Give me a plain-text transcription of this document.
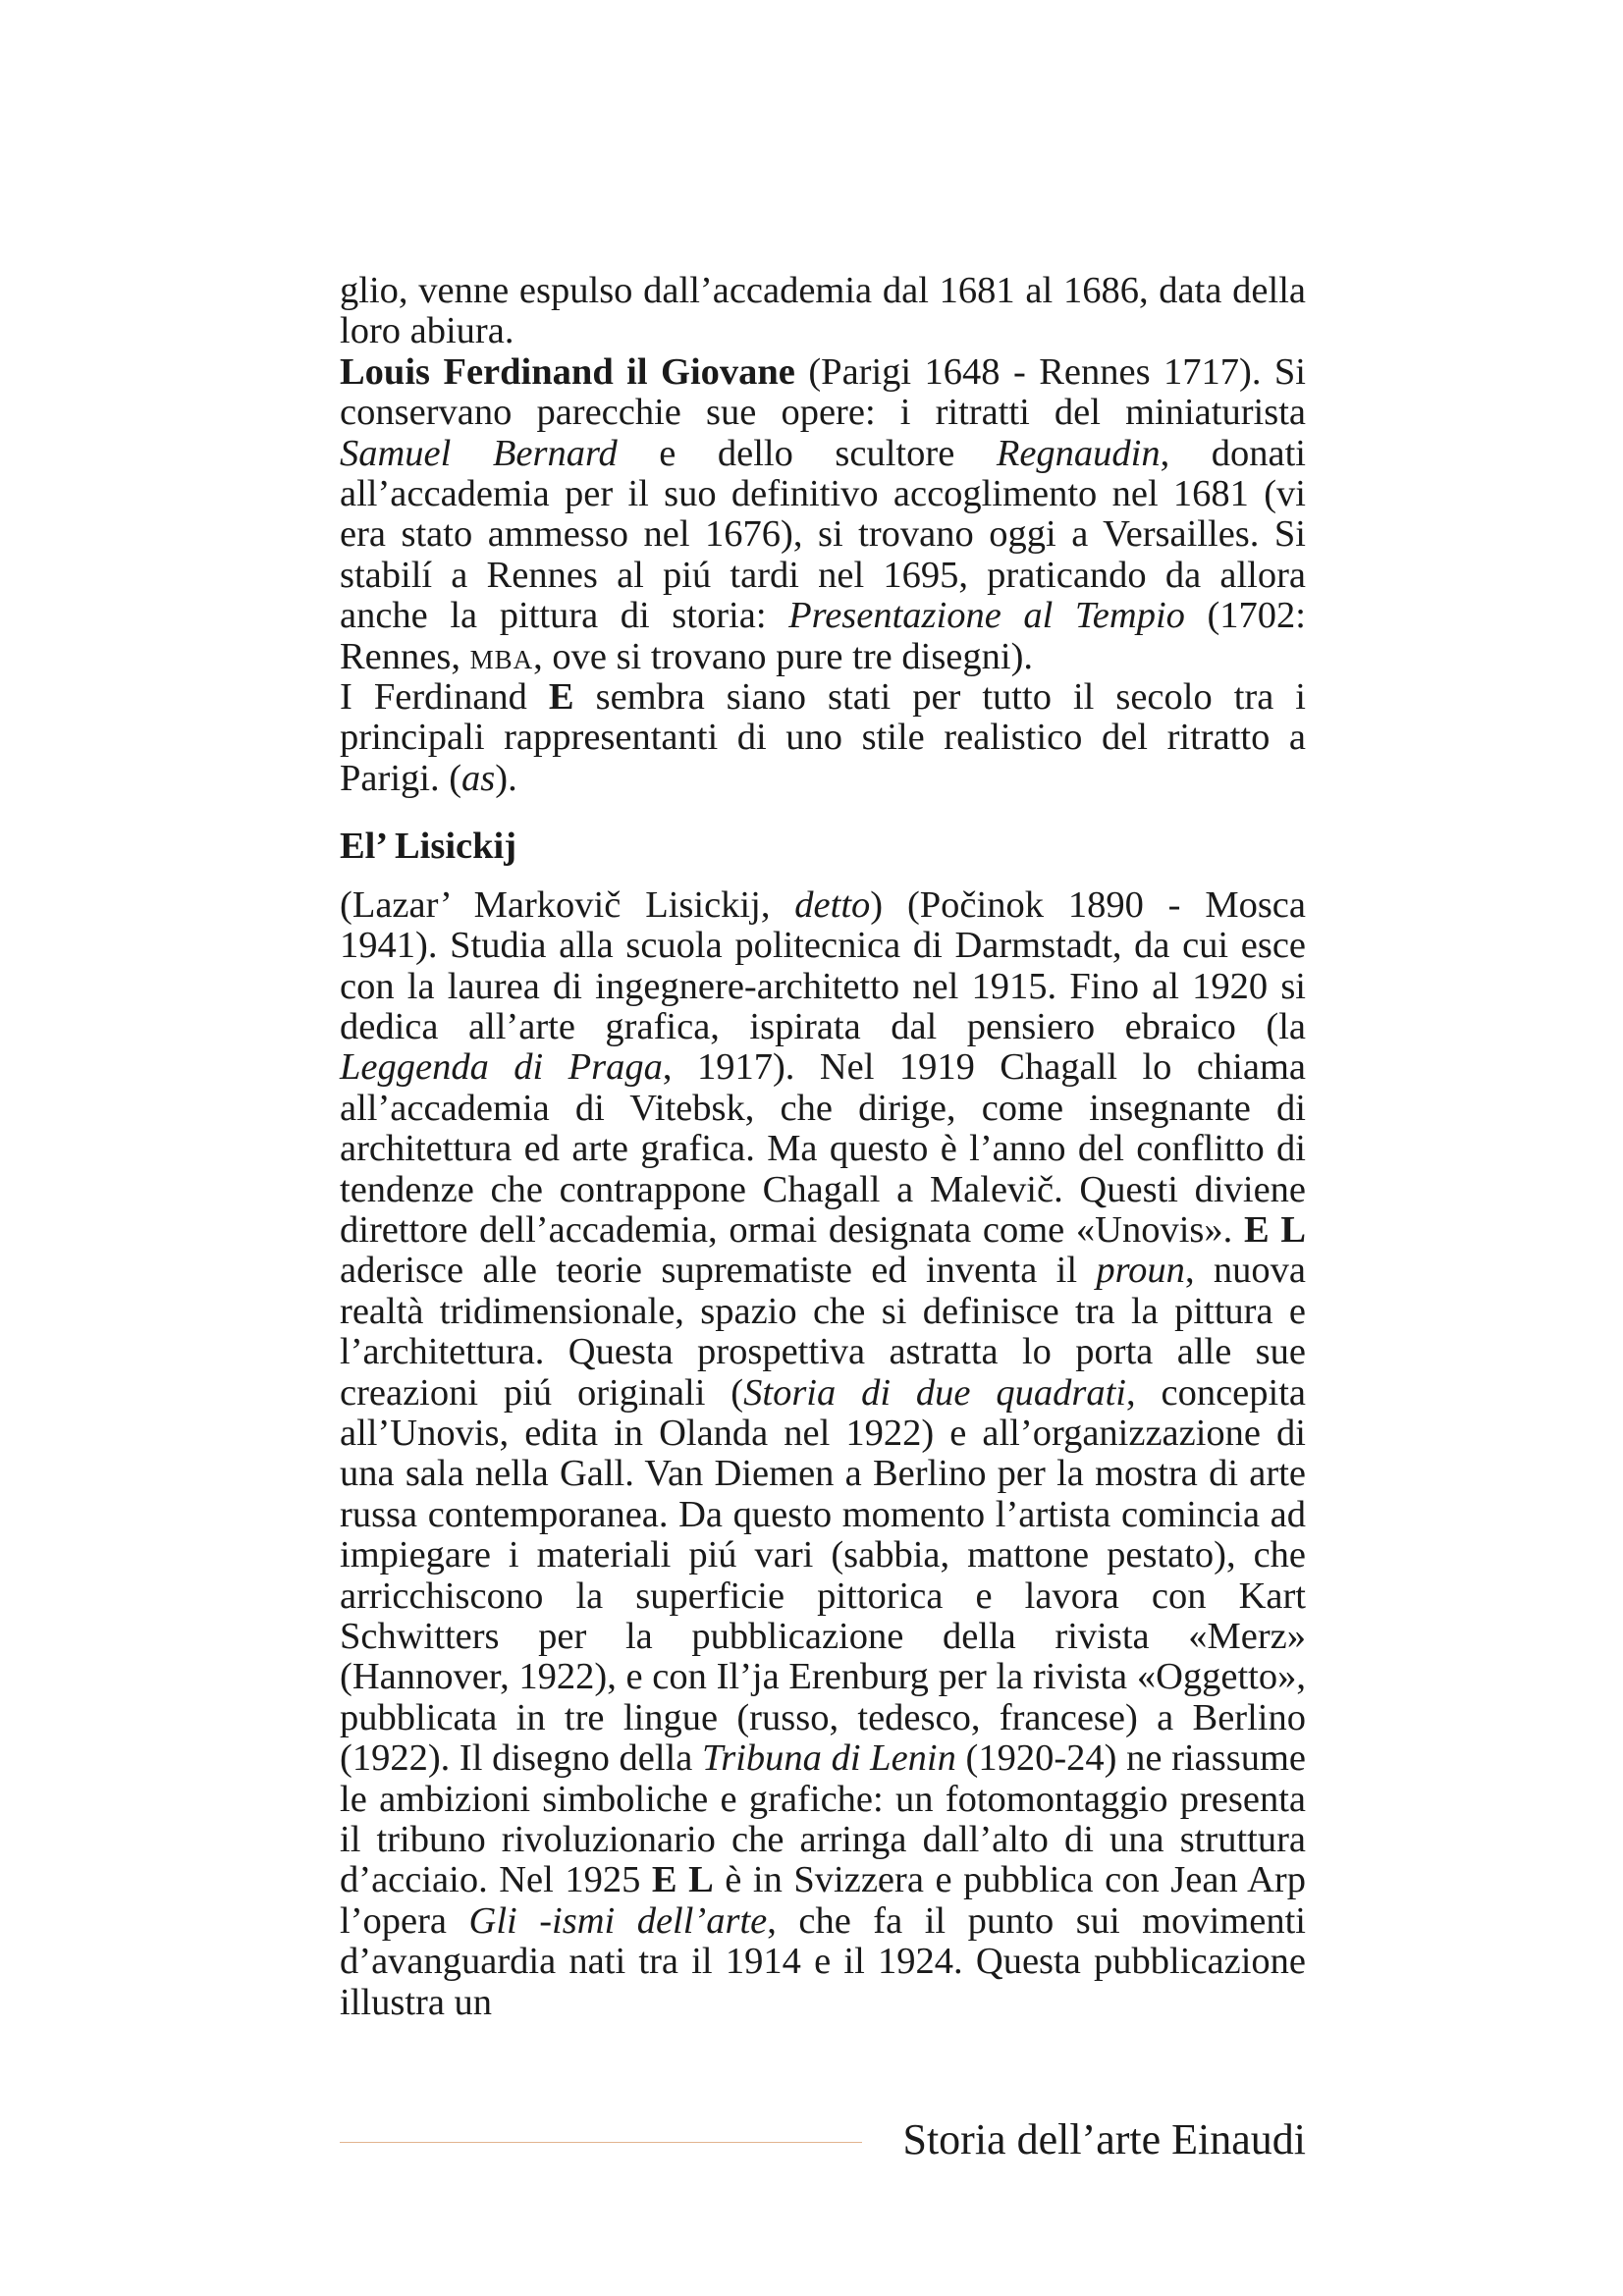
glio, venne espulso dall’accademia dal 1681 al 1686, data della loro abiura.

Louis Ferdinand il Giovane (Parigi 1648 - Rennes 1717). Si conservano parecchie sue opere: i ritratti del miniaturista Samuel Bernard e dello scultore Regnaudin, donati all’accademia per il suo definitivo accoglimento nel 1681 (vi era stato ammesso nel 1676), si trovano oggi a Versailles. Si stabilí a Rennes al piú tardi nel 1695, praticando da allora anche la pittura di storia: Presentazione al Tempio (1702: Rennes, mba, ove si trovano pure tre disegni).

I Ferdinand E sembra siano stati per tutto il secolo tra i principali rappresentanti di uno stile realistico del ritratto a Parigi. (as).

El’ Lisickij

(Lazar’ Markovič Lisickij, detto) (Počinok 1890 - Mosca 1941). Studia alla scuola politecnica di Darmstadt, da cui esce con la laurea di ingegnere-architetto nel 1915. Fino al 1920 si dedica all’arte grafica, ispirata dal pensiero ebraico (la Leggenda di Praga, 1917). Nel 1919 Chagall lo chiama all’accademia di Vitebsk, che dirige, come insegnante di architettura ed arte grafica. Ma questo è l’anno del conflitto di tendenze che contrappone Chagall a Malevič. Questi diviene direttore dell’accademia, ormai designata come «Unovis». E L aderisce alle teorie suprematiste ed inventa il proun, nuova realtà tridimensionale, spazio che si definisce tra la pittura e l’architettura. Questa prospettiva astratta lo porta alle sue creazioni piú originali (Storia di due quadrati, concepita all’Unovis, edita in Olanda nel 1922) e all’organizzazione di una sala nella Gall. Van Diemen a Berlino per la mostra di arte russa contemporanea. Da questo momento l’artista comincia ad impiegare i materiali piú vari (sabbia, mattone pestato), che arricchiscono la superficie pittorica e lavora con Kart Schwitters per la pubblicazione della rivista «Merz» (Hannover, 1922), e con Il’ja Erenburg per la rivista «Oggetto», pubblicata in tre lingue (russo, tedesco, francese) a Berlino (1922). Il disegno della Tribuna di Lenin (1920-24) ne riassume le ambizioni simboliche e grafiche: un fotomontaggio presenta il tribuno rivoluzionario che arringa dall’alto di una struttura d’acciaio. Nel 1925 E L è in Svizzera e pubblica con Jean Arp l’opera Gli -ismi dell’arte, che fa il punto sui movimenti d’avanguardia nati tra il 1914 e il 1924. Questa pubblicazione illustra un

Storia dell’arte Einaudi
